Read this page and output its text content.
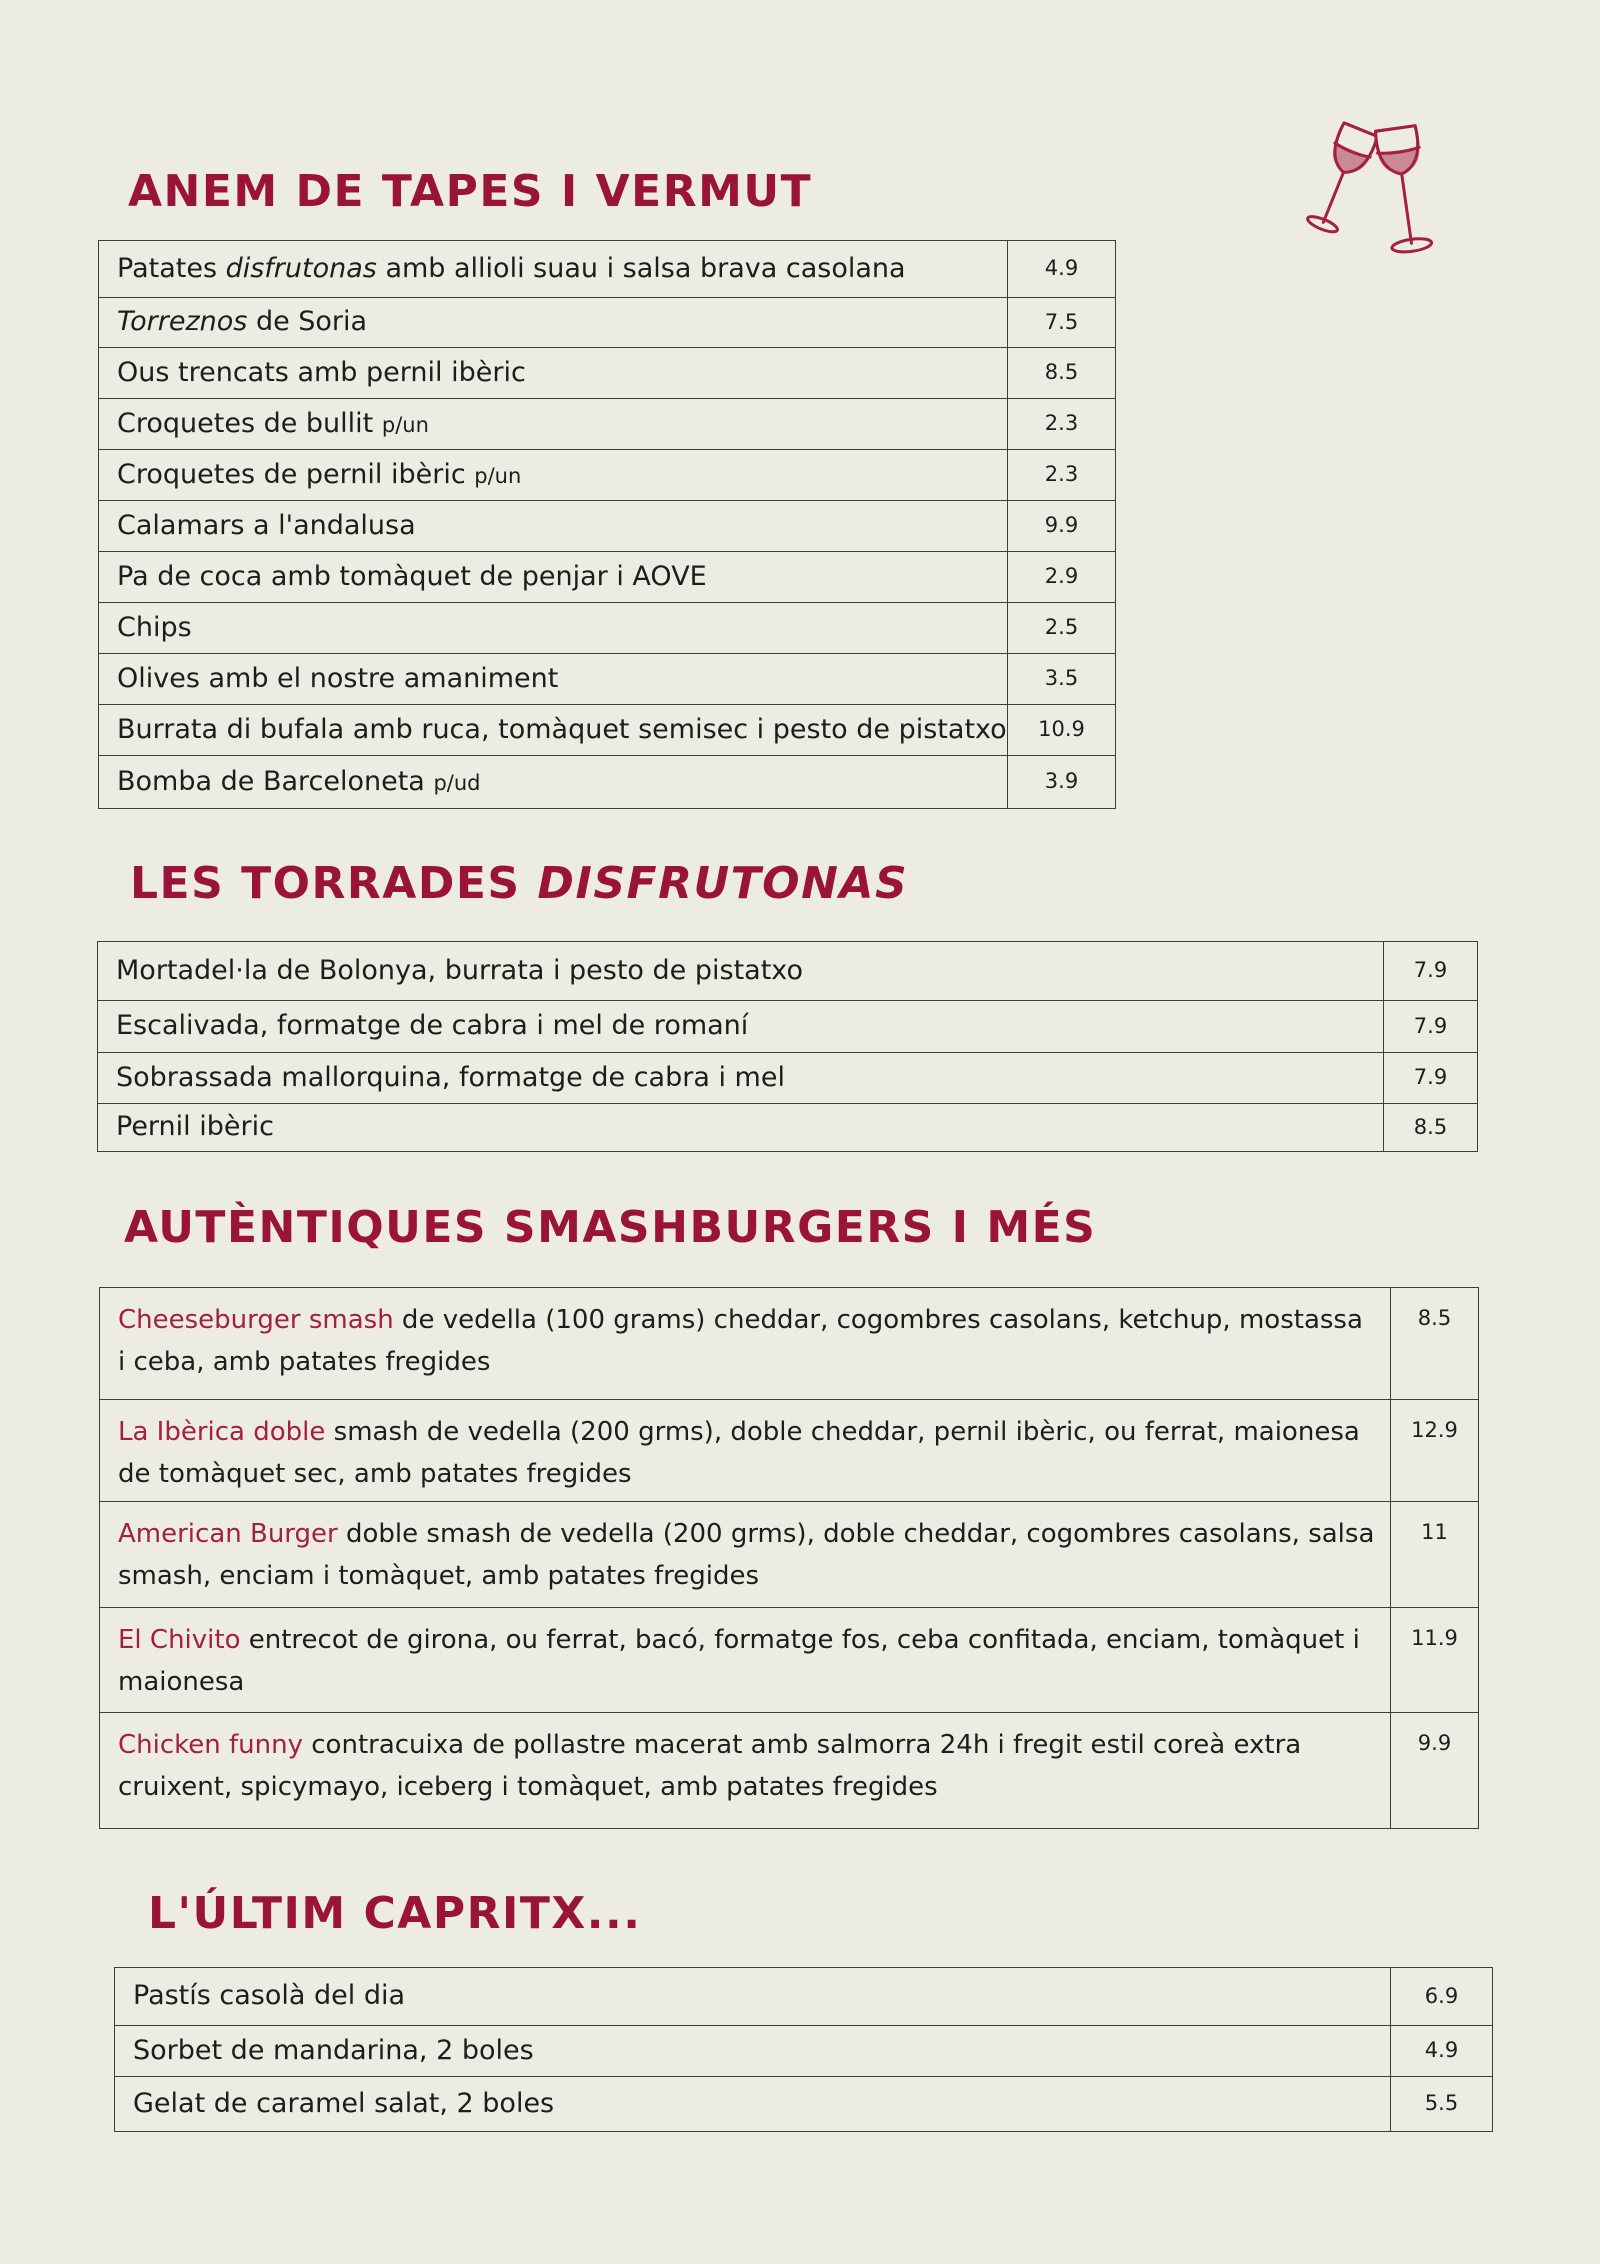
ANEM DE TAPES I VERMUT
Patates disfrutonas amb allioli suau i salsa brava casolana	4.9
Torreznos de Soria	7.5
Ous trencats amb pernil ibèric	8.5
Croquetes de bullit p/un	2.3
Croquetes de pernil ibèric p/un	2.3
Calamars a l'andalusa	9.9
Pa de coca amb tomàquet de penjar i AOVE	2.9
Chips	2.5
Olives amb el nostre amaniment	3.5
Burrata di bufala amb ruca, tomàquet semisec i pesto de pistatxo	10.9
Bomba de Barceloneta p/ud	3.9
LES TORRADES DISFRUTONAS
Mortadel·la de Bolonya, burrata i pesto de pistatxo	7.9
Escalivada, formatge de cabra i mel de romaní	7.9
Sobrassada mallorquina, formatge de cabra i mel	7.9
Pernil ibèric	8.5
AUTÈNTIQUES SMASHBURGERS I MÉS
Cheeseburger smash de vedella (100 grams) cheddar, cogombres casolans, ketchup, mostassa i ceba, amb patates fregides	8.5
La Ibèrica doble smash de vedella (200 grms), doble cheddar, pernil ibèric, ou ferrat, maionesa de tomàquet sec, amb patates fregides	12.9
American Burger doble smash de vedella (200 grms), doble cheddar, cogombres casolans, salsa smash, enciam i tomàquet, amb patates fregides	11
El Chivito entrecot de girona, ou ferrat, bacó, formatge fos, ceba confitada, enciam, tomàquet i maionesa	11.9
Chicken funny contracuixa de pollastre macerat amb salmorra 24h i fregit estil coreà extra cruixent, spicymayo, iceberg i tomàquet, amb patates fregides	9.9
L'ÚLTIM CAPRITX...
Pastís casolà del dia	6.9
Sorbet de mandarina, 2 boles	4.9
Gelat de caramel salat, 2 boles	5.5
